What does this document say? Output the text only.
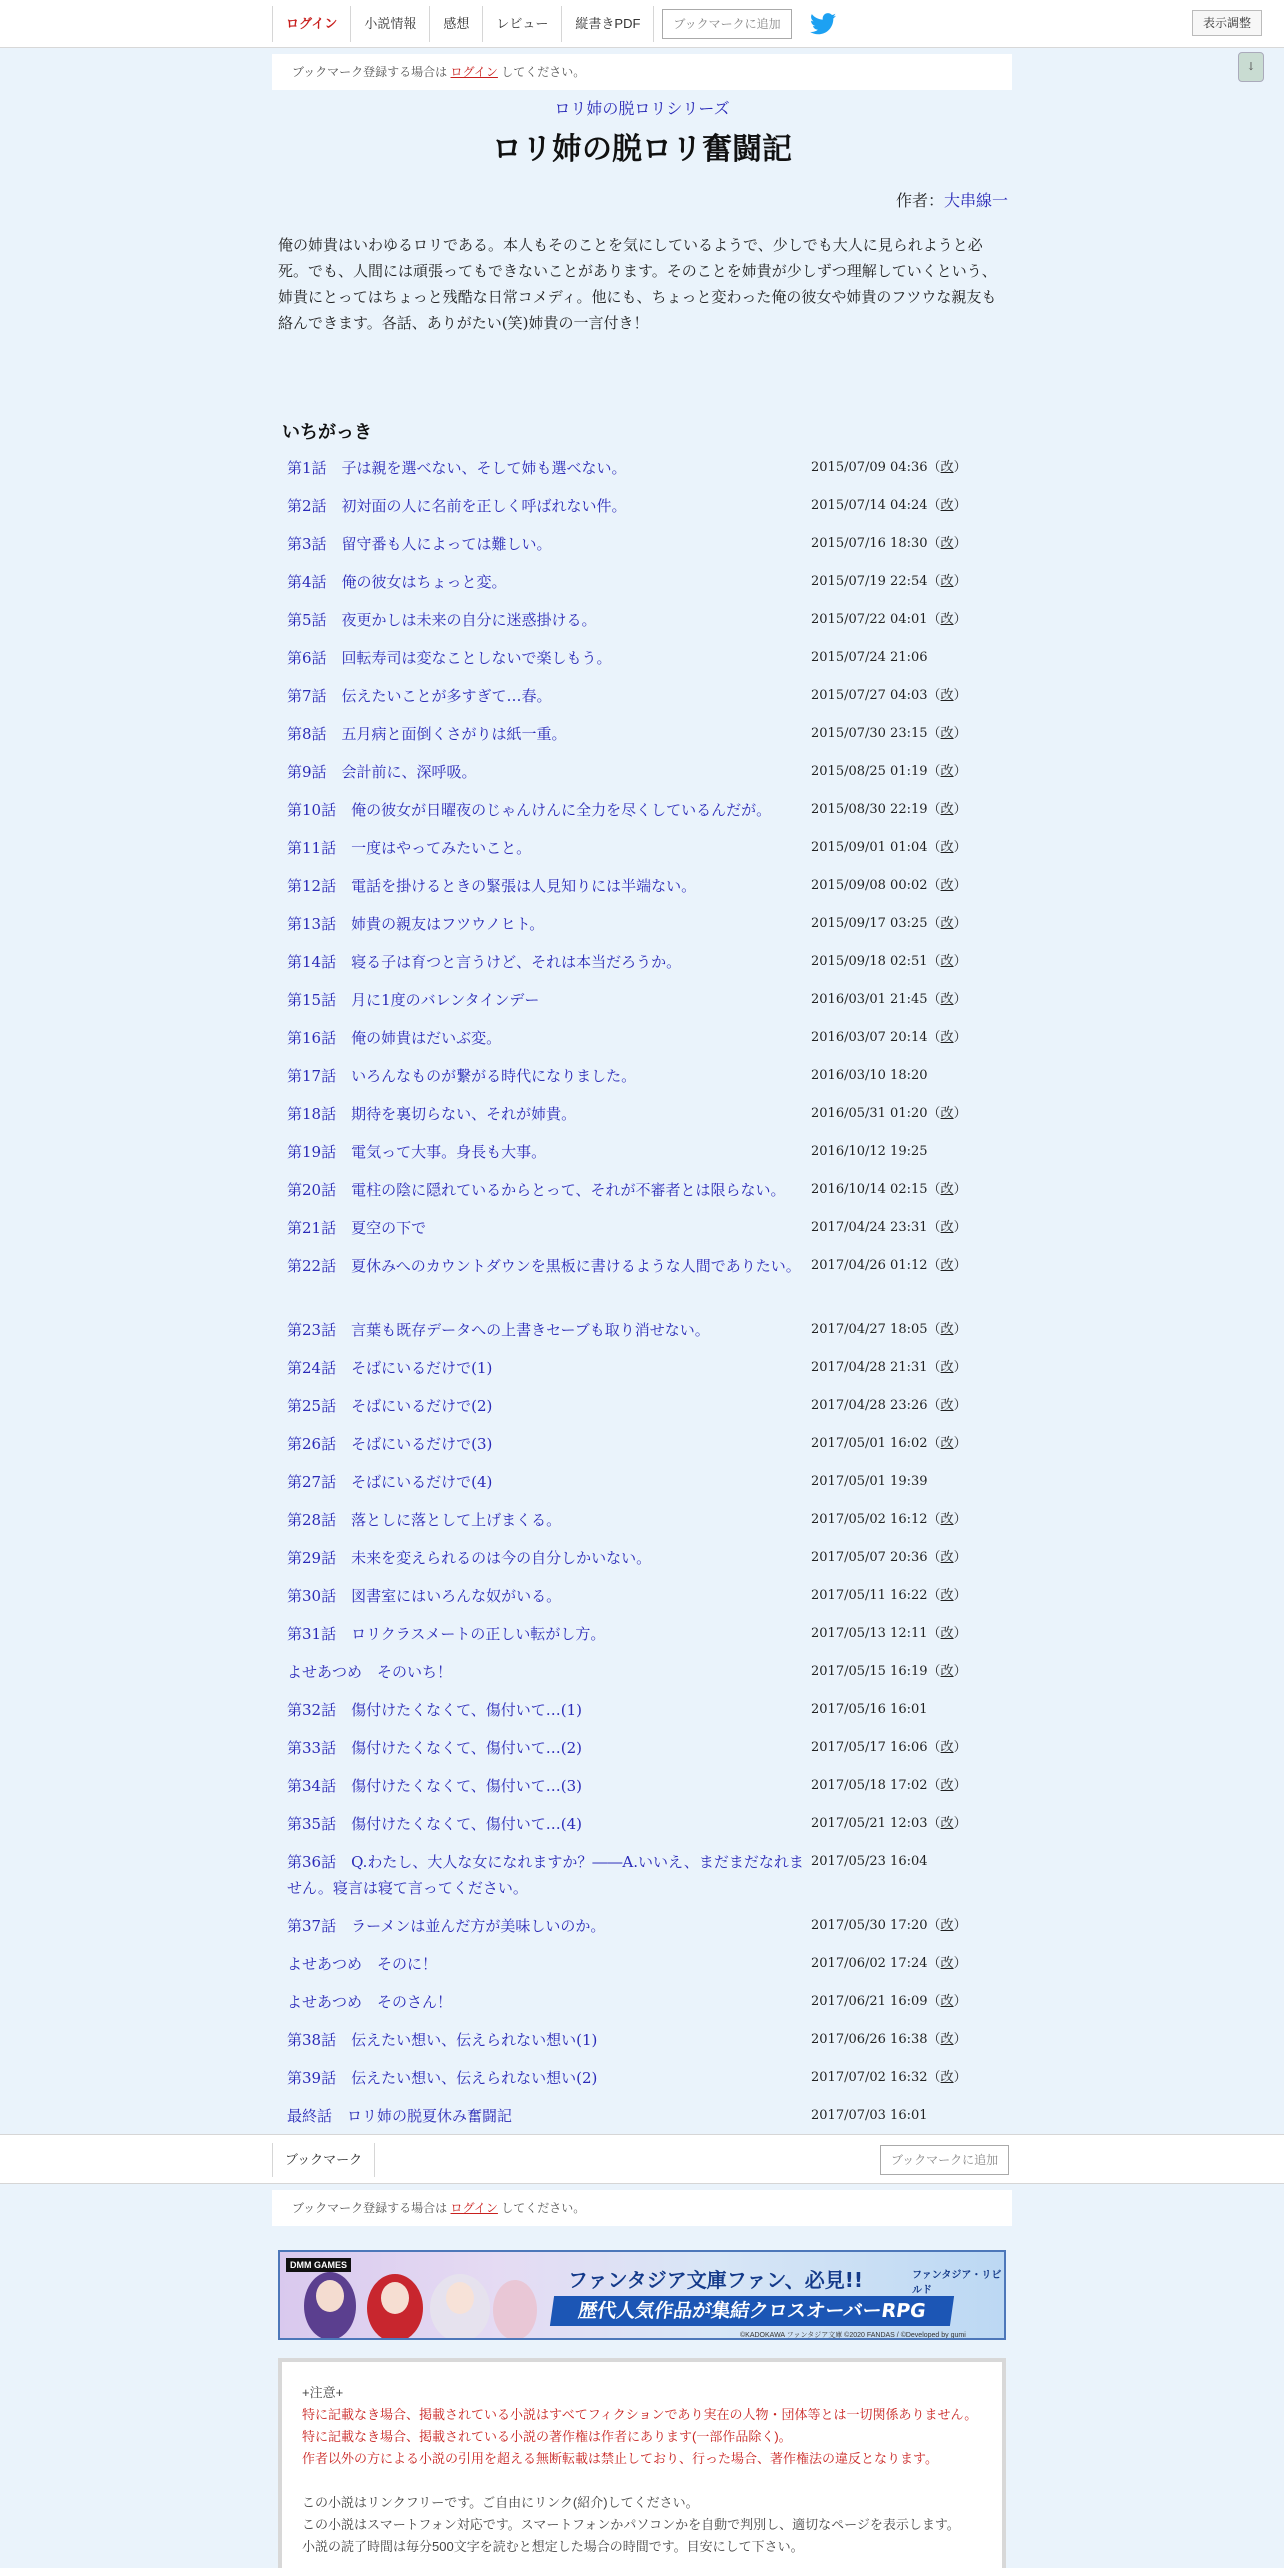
ログイン	小説情報	感想	レビュー	縦書きPDF	ブックマークに追加	表示調整
↓
ブックマーク登録する場合は ログイン してください。
ロリ姉の脱ロリシリーズ
ロリ姉の脱ロリ奮闘記
作者：大串線一
俺の姉貴はいわゆるロリである。本人もそのことを気にしているようで、少しでも大人に見られようと必
死。でも、人間には頑張ってもできないことがあります。そのことを姉貴が少しずつ理解していくという、
姉貴にとってはちょっと残酷な日常コメディ。他にも、ちょっと変わった俺の彼女や姉貴のフツウな親友も
絡んできます。各話、ありがたい(笑)姉貴の一言付き！
いちがっき
第1話　子は親を選べない、そして姉も選べない。	2015/07/09 04:36（改）
第2話　初対面の人に名前を正しく呼ばれない件。	2015/07/14 04:24（改）
第3話　留守番も人によっては難しい。	2015/07/16 18:30（改）
第4話　俺の彼女はちょっと変。	2015/07/19 22:54（改）
第5話　夜更かしは未来の自分に迷惑掛ける。	2015/07/22 04:01（改）
第6話　回転寿司は変なことしないで楽しもう。	2015/07/24 21:06
第7話　伝えたいことが多すぎて…春。	2015/07/27 04:03（改）
第8話　五月病と面倒くさがりは紙一重。	2015/07/30 23:15（改）
第9話　会計前に、深呼吸。	2015/08/25 01:19（改）
第10話　俺の彼女が日曜夜のじゃんけんに全力を尽くしているんだが。	2015/08/30 22:19（改）
第11話　一度はやってみたいこと。	2015/09/01 01:04（改）
第12話　電話を掛けるときの緊張は人見知りには半端ない。	2015/09/08 00:02（改）
第13話　姉貴の親友はフツウノヒト。	2015/09/17 03:25（改）
第14話　寝る子は育つと言うけど、それは本当だろうか。	2015/09/18 02:51（改）
第15話　月に1度のバレンタインデー	2016/03/01 21:45（改）
第16話　俺の姉貴はだいぶ変。	2016/03/07 20:14（改）
第17話　いろんなものが繋がる時代になりました。	2016/03/10 18:20
第18話　期待を裏切らない、それが姉貴。	2016/05/31 01:20（改）
第19話　電気って大事。身長も大事。	2016/10/12 19:25
第20話　電柱の陰に隠れているからとって、それが不審者とは限らない。	2016/10/14 02:15（改）
第21話　夏空の下で	2017/04/24 23:31（改）
第22話　夏休みへのカウントダウンを黒板に書けるような人間でありたい。 2017/04/26 01:12（改）
第23話　言葉も既存データへの上書きセーブも取り消せない。	2017/04/27 18:05（改）
第24話　そばにいるだけで(1)	2017/04/28 21:31（改）
第25話　そばにいるだけで(2)	2017/04/28 23:26（改）
第26話　そばにいるだけで(3)	2017/05/01 16:02（改）
第27話　そばにいるだけで(4)	2017/05/01 19:39
第28話　落としに落として上げまくる。	2017/05/02 16:12（改）
第29話　未来を変えられるのは今の自分しかいない。	2017/05/07 20:36（改）
第30話　図書室にはいろんな奴がいる。	2017/05/11 16:22（改）
第31話　ロリクラスメートの正しい転がし方。	2017/05/13 12:11（改）
よせあつめ　そのいち！	2017/05/15 16:19（改）
第32話　傷付けたくなくて、傷付いて…(1)	2017/05/16 16:01
第33話　傷付けたくなくて、傷付いて…(2)	2017/05/17 16:06（改）
第34話　傷付けたくなくて、傷付いて…(3)	2017/05/18 17:02（改）
第35話　傷付けたくなくて、傷付いて…(4)	2017/05/21 12:03（改）
第36話　Q.わたし、大人な女になれますか？――A.いいえ、まだまだなれません。寝言は寝て言ってください。
2017/05/23 16:04
第37話　ラーメンは並んだ方が美味しいのか。	2017/05/30 17:20（改）
よせあつめ　そのに！	2017/06/02 17:24（改）
よせあつめ　そのさん！	2017/06/21 16:09（改）
第38話　伝えたい想い、伝えられない想い(1)	2017/06/26 16:38（改）
第39話　伝えたい想い、伝えられない想い(2)	2017/07/02 16:32（改）
最終話　ロリ姉の脱夏休み奮闘記	2017/07/03 16:01
ブックマーク	ブックマークに追加
ブックマーク登録する場合は ログイン してください。
DMM GAMES
ファンタジア文庫ファン、必見!!	ファンタジア・リビルド
歴代人気作品が集結クロスオーバーRPG
©KADOKAWA ファンタジア文庫 ©2020 FANDAS / ©Developed by gumi
+注意+
特に記載なき場合、掲載されている小説はすべてフィクションであり実在の人物・団体等とは一切関係ありません。
特に記載なき場合、掲載されている小説の著作権は作者にあります(一部作品除く)。
作者以外の方による小説の引用を超える無断転載は禁止しており、行った場合、著作権法の違反となります。
この小説はリンクフリーです。ご自由にリンク(紹介)してください。
この小説はスマートフォン対応です。スマートフォンかパソコンかを自動で判別し、適切なページを表示します。
小説の読了時間は毎分500文字を読むと想定した場合の時間です。目安にして下さい。
